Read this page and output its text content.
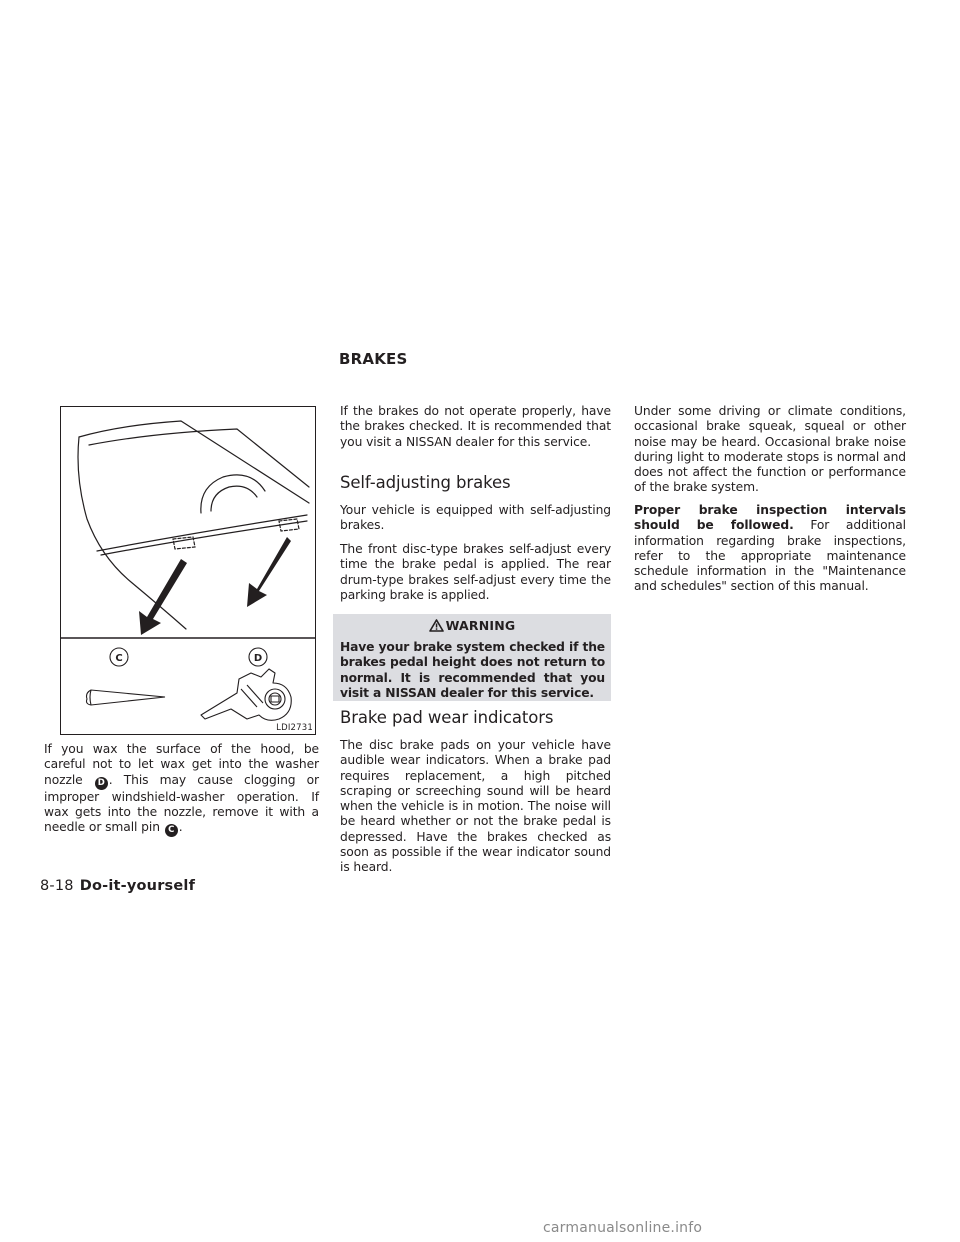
BRAKES
C	D
LDI2731
If you wax the surface of the hood, be careful not to let wax get into the washer nozzle D . This may cause clogging or improper windshield-washer operation. If wax gets into the nozzle, remove it with a needle or small pin C .

If the brakes do not operate properly, have the brakes checked. It is recommended that you visit a NISSAN dealer for this service.

Self-adjusting brakes

Your vehicle is equipped with self-adjusting brakes.

The front disc-type brakes self-adjust every time the brake pedal is applied. The rear drum-type brakes self-adjust every time the parking brake is applied.

WARNING
Have your brake system checked if the brakes pedal height does not return to normal. It is recommended that you visit a NISSAN dealer for this service.
Brake pad wear indicators

The disc brake pads on your vehicle have audible wear indicators. When a brake pad requires replacement, a high pitched scraping or screeching sound will be heard when the vehicle is in motion. The noise will be heard whether or not the brake pedal is depressed. Have the brakes checked as soon as possible if the wear indicator sound is heard.

Under some driving or climate conditions, occasional brake squeak, squeal or other noise may be heard. Occasional brake noise during light to moderate stops is normal and does not affect the function or performance of the brake system.

Proper brake inspection intervals should be followed. For additional information regarding brake inspections, refer to the appropriate maintenance schedule information in the "Maintenance and schedules" section of this manual.

8-18 Do-it-yourself
carmanualsonline.info
